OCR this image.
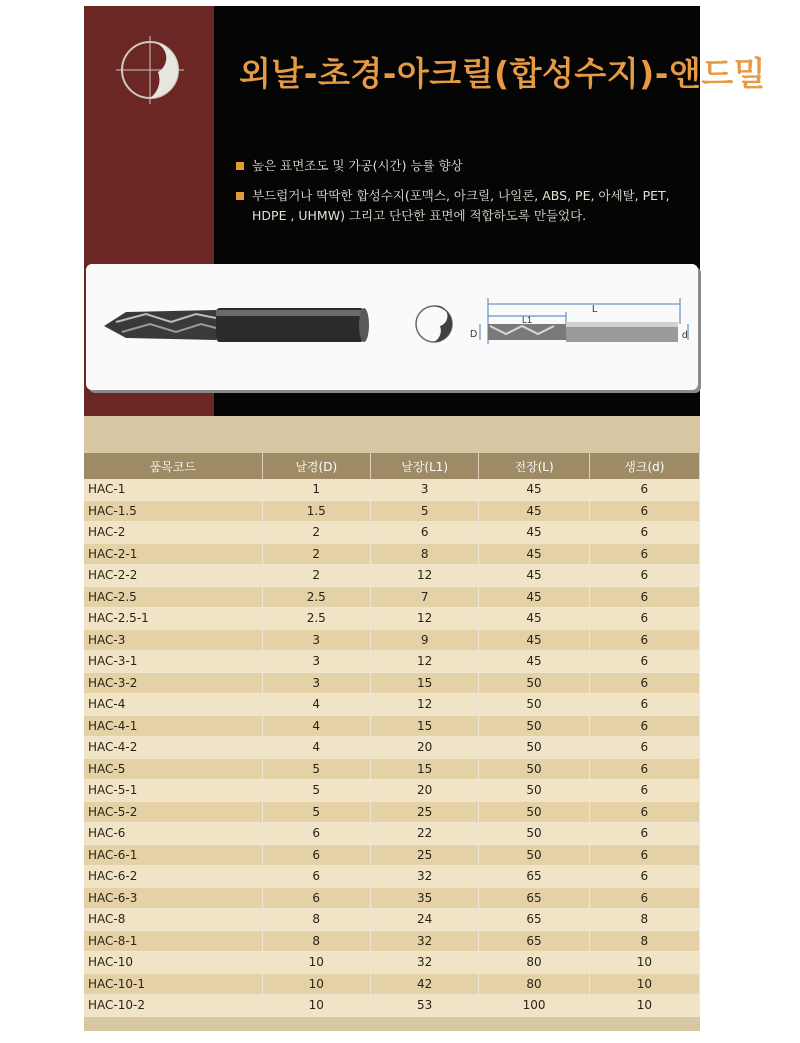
외날-초경-아크릴(합성수지)-앤드밀
높은 표면조도 및 가공(시간) 능률 향상
부드럽거나 딱딱한 합성수지(포맥스, 아크릴, 나일론, ABS, PE, 아세탈, PET, HDPE , UHMW) 그리고 단단한 표면에 적합하도록 만들었다.
L
L1
D	d
품목코드	날경(D)	날장(L1)	전장(L)	생크(d)
HAC-1	1	3	45	6
HAC-1.5	1.5	5	45	6
HAC-2	2	6	45	6
HAC-2-1	2	8	45	6
HAC-2-2	2	12	45	6
HAC-2.5	2.5	7	45	6
HAC-2.5-1	2.5	12	45	6
HAC-3	3	9	45	6
HAC-3-1	3	12	45	6
HAC-3-2	3	15	50	6
HAC-4	4	12	50	6
HAC-4-1	4	15	50	6
HAC-4-2	4	20	50	6
HAC-5	5	15	50	6
HAC-5-1	5	20	50	6
HAC-5-2	5	25	50	6
HAC-6	6	22	50	6
HAC-6-1	6	25	50	6
HAC-6-2	6	32	65	6
HAC-6-3	6	35	65	6
HAC-8	8	24	65	8
HAC-8-1	8	32	65	8
HAC-10	10	32	80	10
HAC-10-1	10	42	80	10
HAC-10-2	10	53	100	10
